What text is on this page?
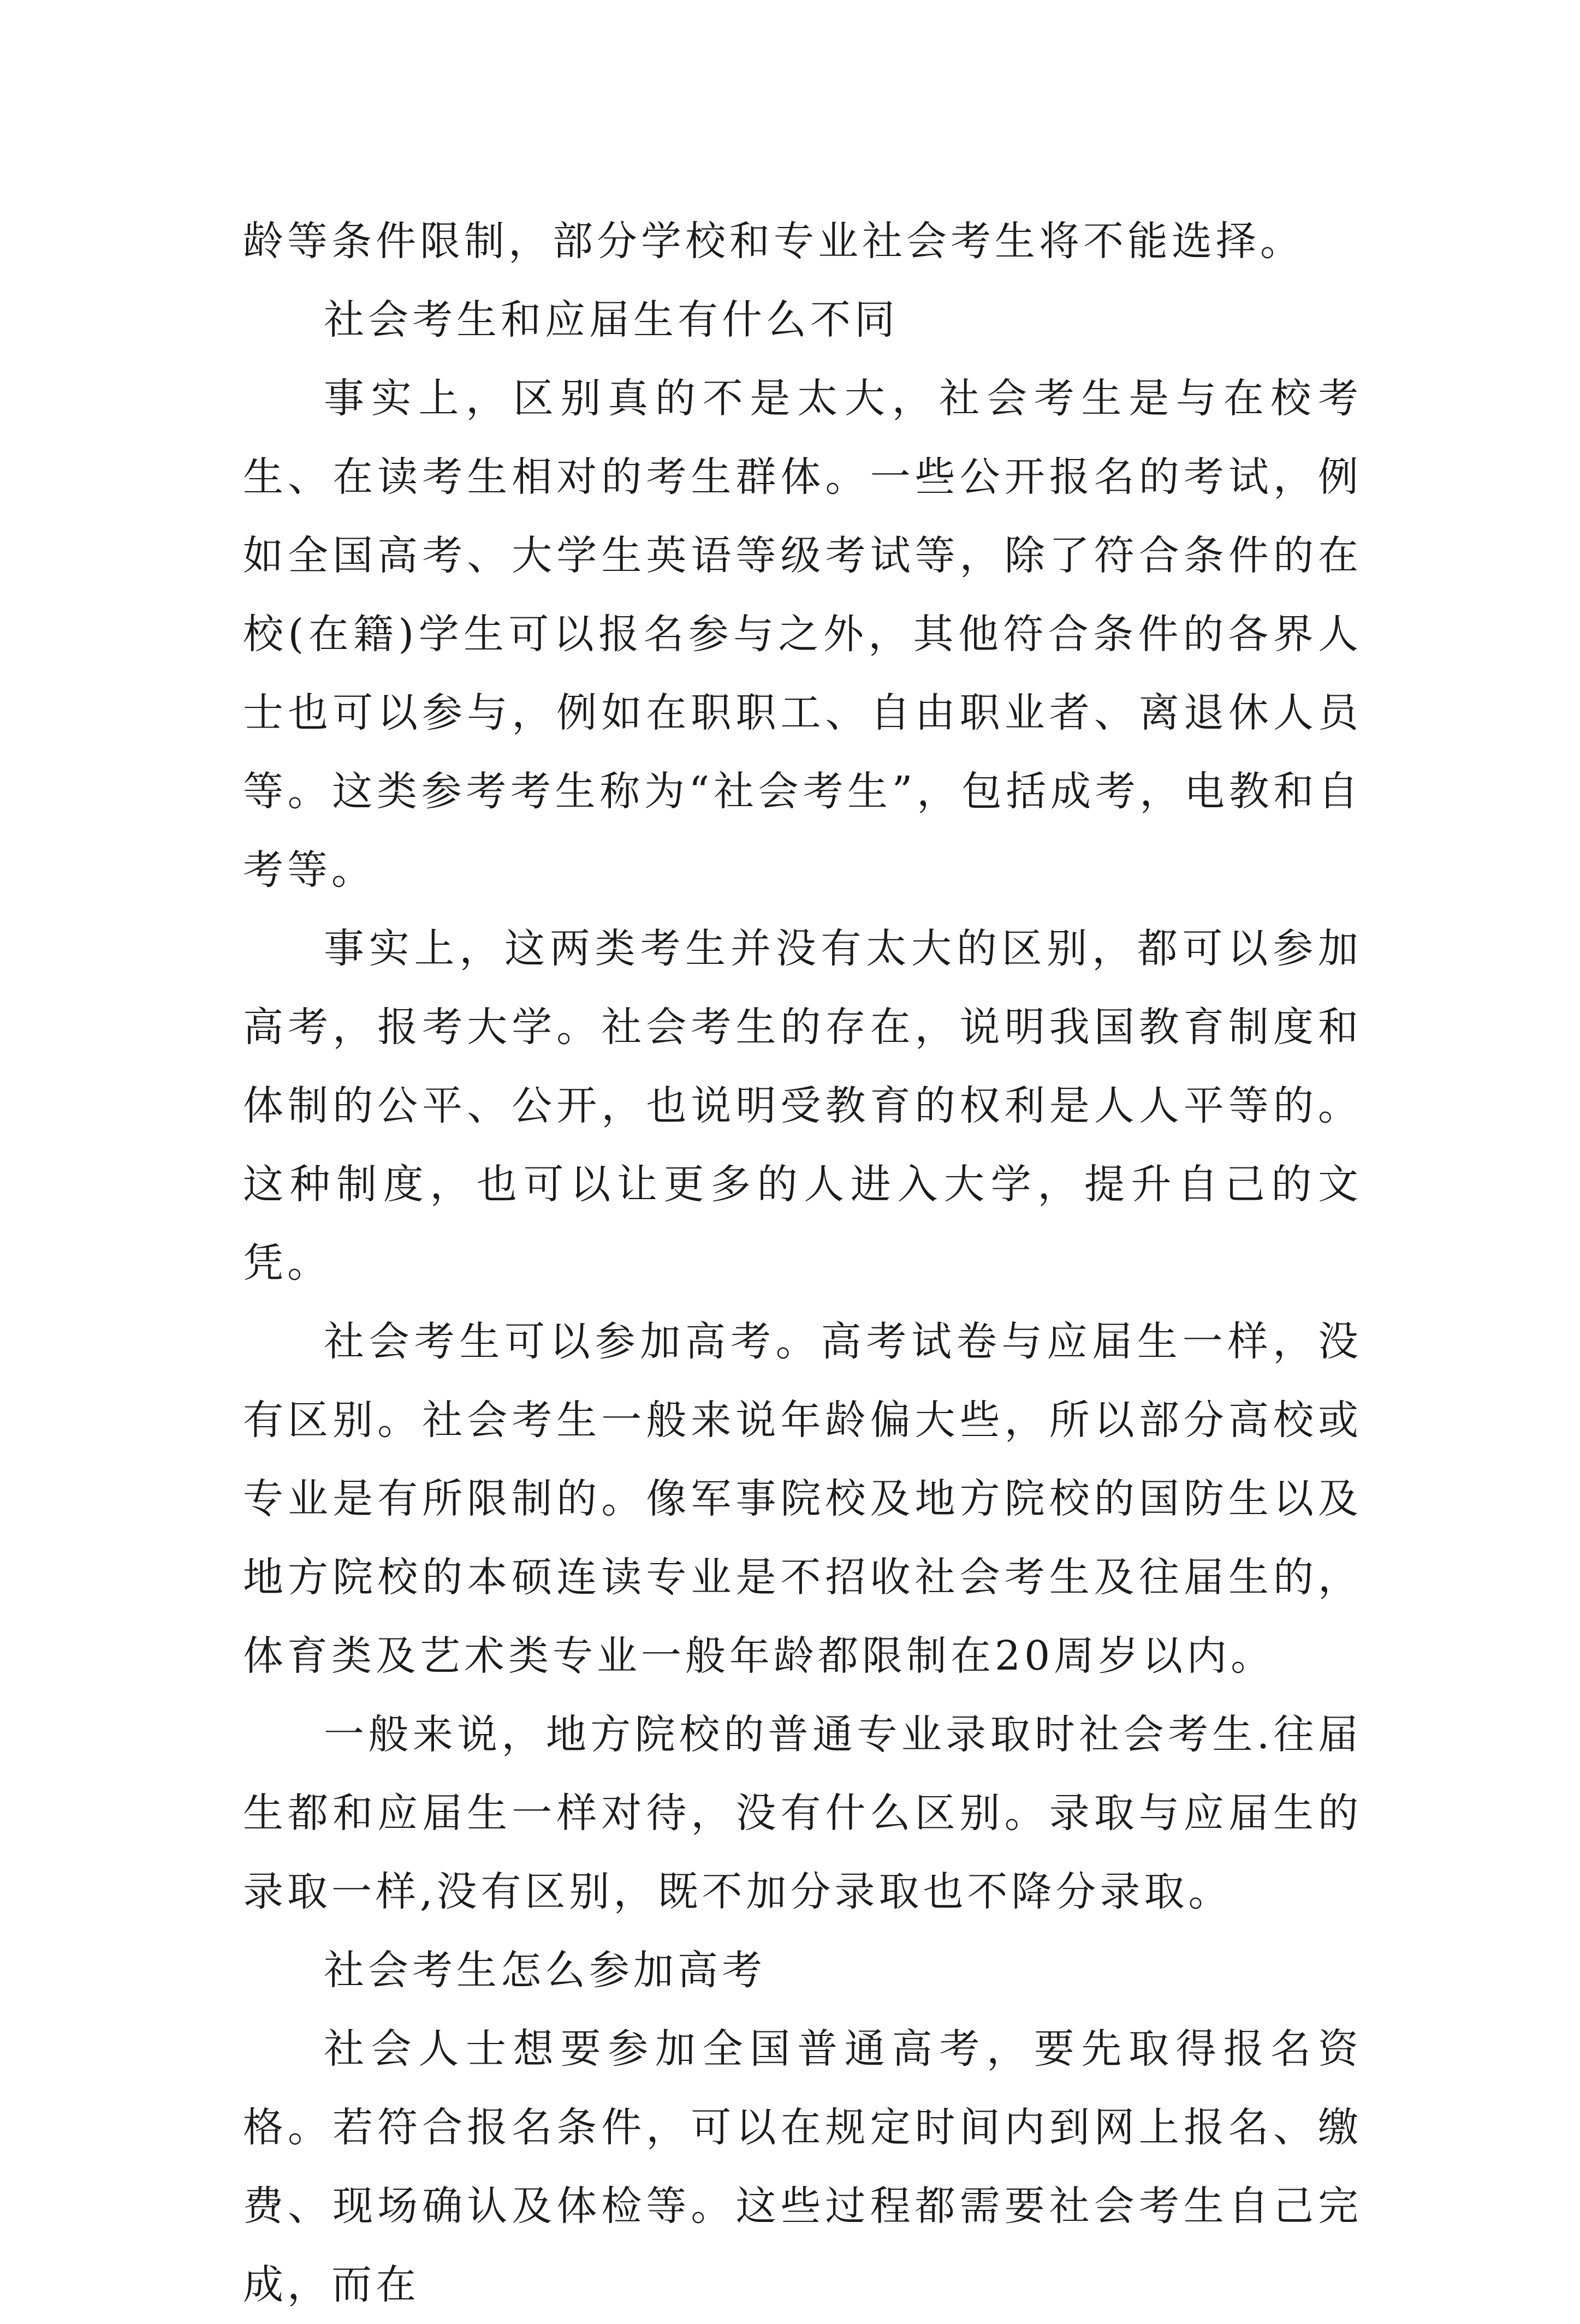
龄等条件限制，部分学校和专业社会考生将不能选择。

社会考生和应届生有什么不同

事实上，区别真的不是太大，社会考生是与在校考生、在读考生相对的考生群体。一些公开报名的考试，例如全国高考、大学生英语等级考试等，除了符合条件的在校(在籍)学生可以报名参与之外，其他符合条件的各界人士也可以参与，例如在职职工、自由职业者、离退休人员等。这类参考考生称为“社会考生”，包括成考，电教和自考等。

事实上，这两类考生并没有太大的区别，都可以参加高考，报考大学。社会考生的存在，说明我国教育制度和体制的公平、公开，也说明受教育的权利是人人平等的。这种制度，也可以让更多的人进入大学，提升自己的文凭。

社会考生可以参加高考。高考试卷与应届生一样，没有区别。社会考生一般来说年龄偏大些，所以部分高校或专业是有所限制的。像军事院校及地方院校的国防生以及地方院校的本硕连读专业是不招收社会考生及往届生的，体育类及艺术类专业一般年龄都限制在20周岁以内。

一般来说，地方院校的普通专业录取时社会考生.往届生都和应届生一样对待，没有什么区别。录取与应届生的录取一样,没有区别，既不加分录取也不降分录取。

社会考生怎么参加高考

社会人士想要参加全国普通高考，要先取得报名资格。若符合报名条件，可以在规定时间内到网上报名、缴费、现场确认及体检等。这些过程都需要社会考生自己完成，而在
